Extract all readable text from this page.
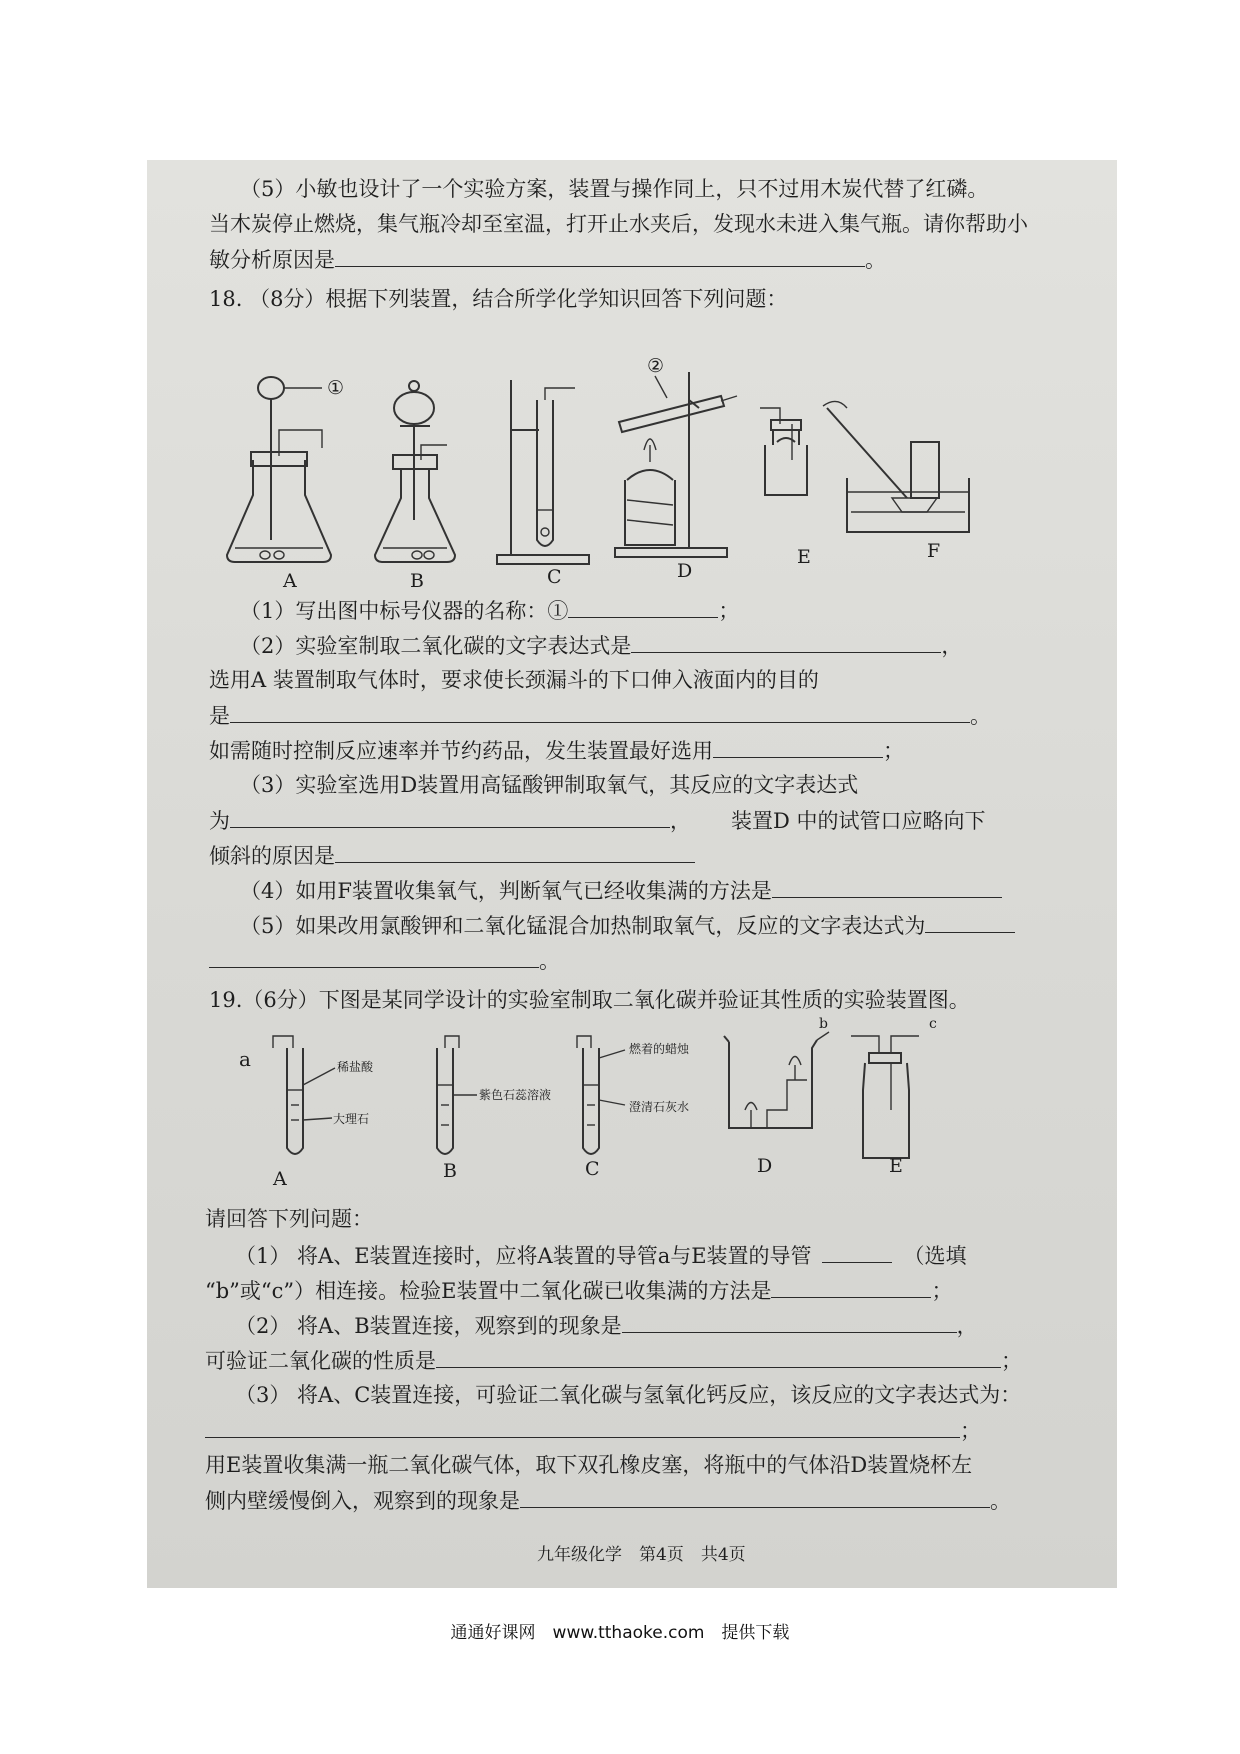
（5）小敏也设计了一个实验方案，装置与操作同上，只不过用木炭代替了红磷。
当木炭停止燃烧，集气瓶冷却至室温，打开止水夹后，发现水未进入集气瓶。请你帮助小
敏分析原因是	。
18. （8分）根据下列装置，结合所学化学知识回答下列问题：
①
②
A	B	C	D
E	F
（1）写出图中标号仪器的名称：①	；
（2）实验室制取二氧化碳的文字表达式是	，
选用A 装置制取气体时，要求使长颈漏斗的下口伸入液面内的目的
是	。
如需随时控制反应速率并节约药品，发生装置最好选用	；
（3）实验室选用D装置用高锰酸钾制取氧气，其反应的文字表达式
为	， 装置D 中的试管口应略向下
倾斜的原因是
（4）如用F装置收集氧气，判断氧气已经收集满的方法是
（5）如果改用氯酸钾和二氧化锰混合加热制取氧气，反应的文字表达式为
。
19.（6分）下图是某同学设计的实验室制取二氧化碳并验证其性质的实验装置图。
a
b	c
稀盐酸
大理石
紫色石蕊溶液
燃着的蜡烛
澄清石灰水
A	B	C	D	E
请回答下列问题：
（1） 将A、E装置连接时，应将A装置的导管a与E装置的导管	（选填
“b”或“c”）相连接。检验E装置中二氧化碳已收集满的方法是	；
（2） 将A、B装置连接，观察到的现象是	，
可验证二氧化碳的性质是	；
（3） 将A、C装置连接，可验证二氧化碳与氢氧化钙反应，该反应的文字表达式为：
；
用E装置收集满一瓶二氧化碳气体，取下双孔橡皮塞，将瓶中的气体沿D装置烧杯左
侧内壁缓慢倒入，观察到的现象是	。
九年级化学　第4页　共4页
通通好课网　www.tthaoke.com　提供下载
